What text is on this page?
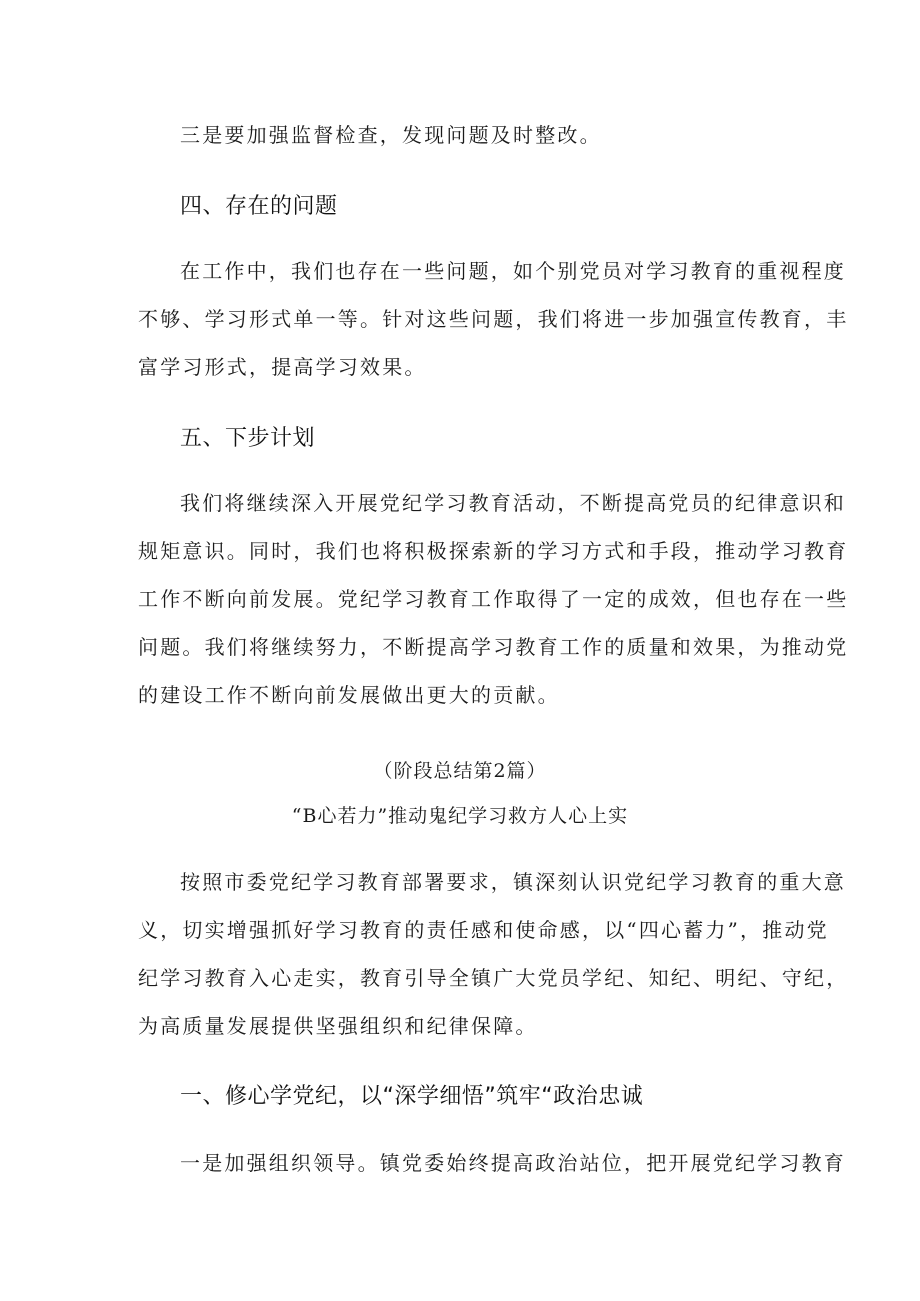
三是要加强监督检查，发现问题及时整改。
四、存在的问题
在工作中，我们也存在一些问题，如个别党员对学习教育的重视程度
不够、学习形式单一等。针对这些问题，我们将进一步加强宣传教育，丰
富学习形式，提高学习效果。
五、下步计划
我们将继续深入开展党纪学习教育活动，不断提高党员的纪律意识和
规矩意识。同时，我们也将积极探索新的学习方式和手段，推动学习教育
工作不断向前发展。党纪学习教育工作取得了一定的成效，但也存在一些
问题。我们将继续努力，不断提高学习教育工作的质量和效果，为推动党
的建设工作不断向前发展做出更大的贡献。
（阶段总结第2篇）
“B心若力”推动鬼纪学习救方人心上实
按照市委党纪学习教育部署要求，镇深刻认识党纪学习教育的重大意
义，切实增强抓好学习教育的责任感和使命感，以“四心蓄力”，推动党
纪学习教育入心走实，教育引导全镇广大党员学纪、知纪、明纪、守纪，
为高质量发展提供坚强组织和纪律保障。
一、修心学党纪，以“深学细悟”筑牢“政治忠诚
一是加强组织领导。镇党委始终提高政治站位，把开展党纪学习教育
